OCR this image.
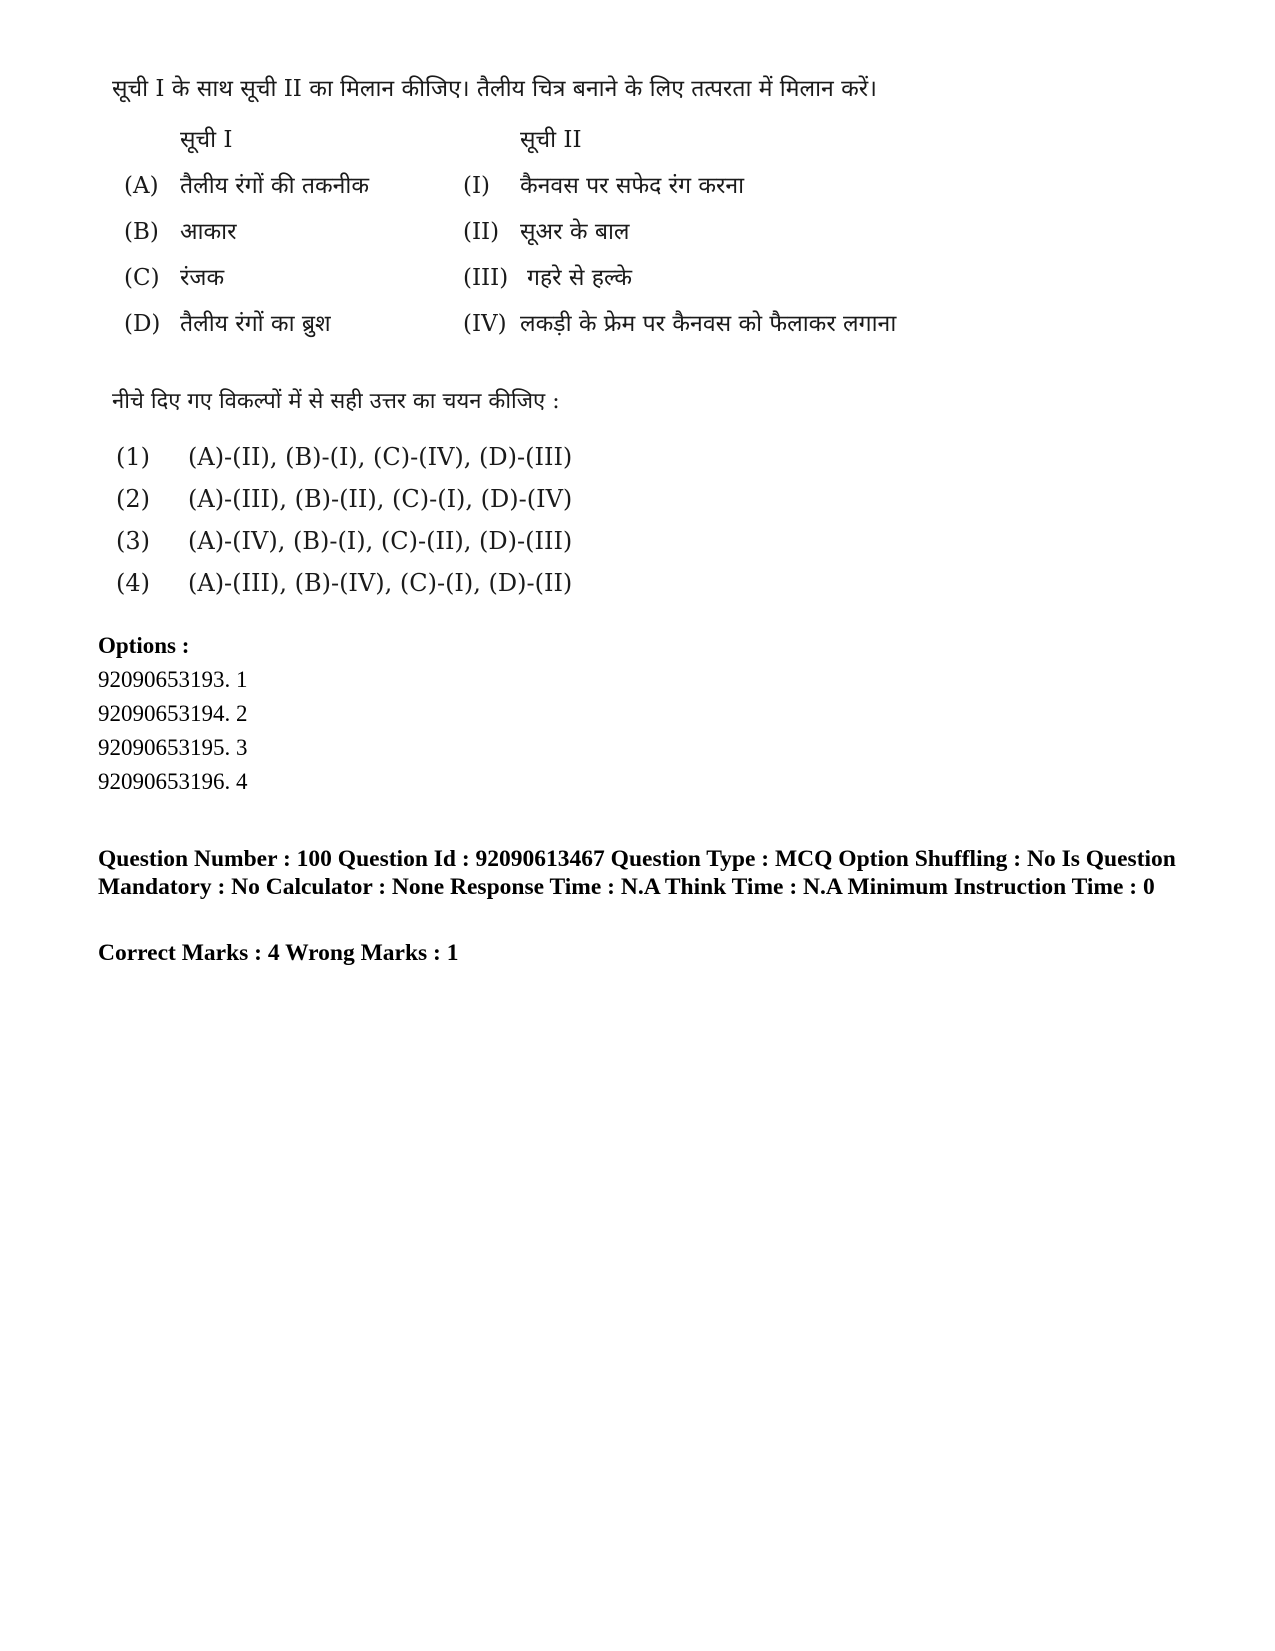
सूची I के साथ सूची II का मिलान कीजिए। तैलीय चित्र बनाने के लिए तत्परता में मिलान करें।
सूची I	सूची II
(A) तैलीय रंगों की तकनीक	(I) कैनवस पर सफेद रंग करना
(B) आकार	(II) सूअर के बाल
(C) रंजक	(III) गहरे से हल्के
(D) तैलीय रंगों का ब्रुश	(IV) लकड़ी के फ्रेम पर कैनवस को फैलाकर लगाना
नीचे दिए गए विकल्पों में से सही उत्तर का चयन कीजिए :
(1) (A)-(II), (B)-(I), (C)-(IV), (D)-(III)
(2) (A)-(III), (B)-(II), (C)-(I), (D)-(IV)
(3) (A)-(IV), (B)-(I), (C)-(II), (D)-(III)
(4) (A)-(III), (B)-(IV), (C)-(I), (D)-(II)
Options :
92090653193. 1
92090653194. 2
92090653195. 3
92090653196. 4
Question Number : 100 Question Id : 92090613467 Question Type : MCQ Option Shuffling : No Is Question Mandatory : No Calculator : None Response Time : N.A Think Time : N.A Minimum Instruction Time : 0
Correct Marks : 4 Wrong Marks : 1
